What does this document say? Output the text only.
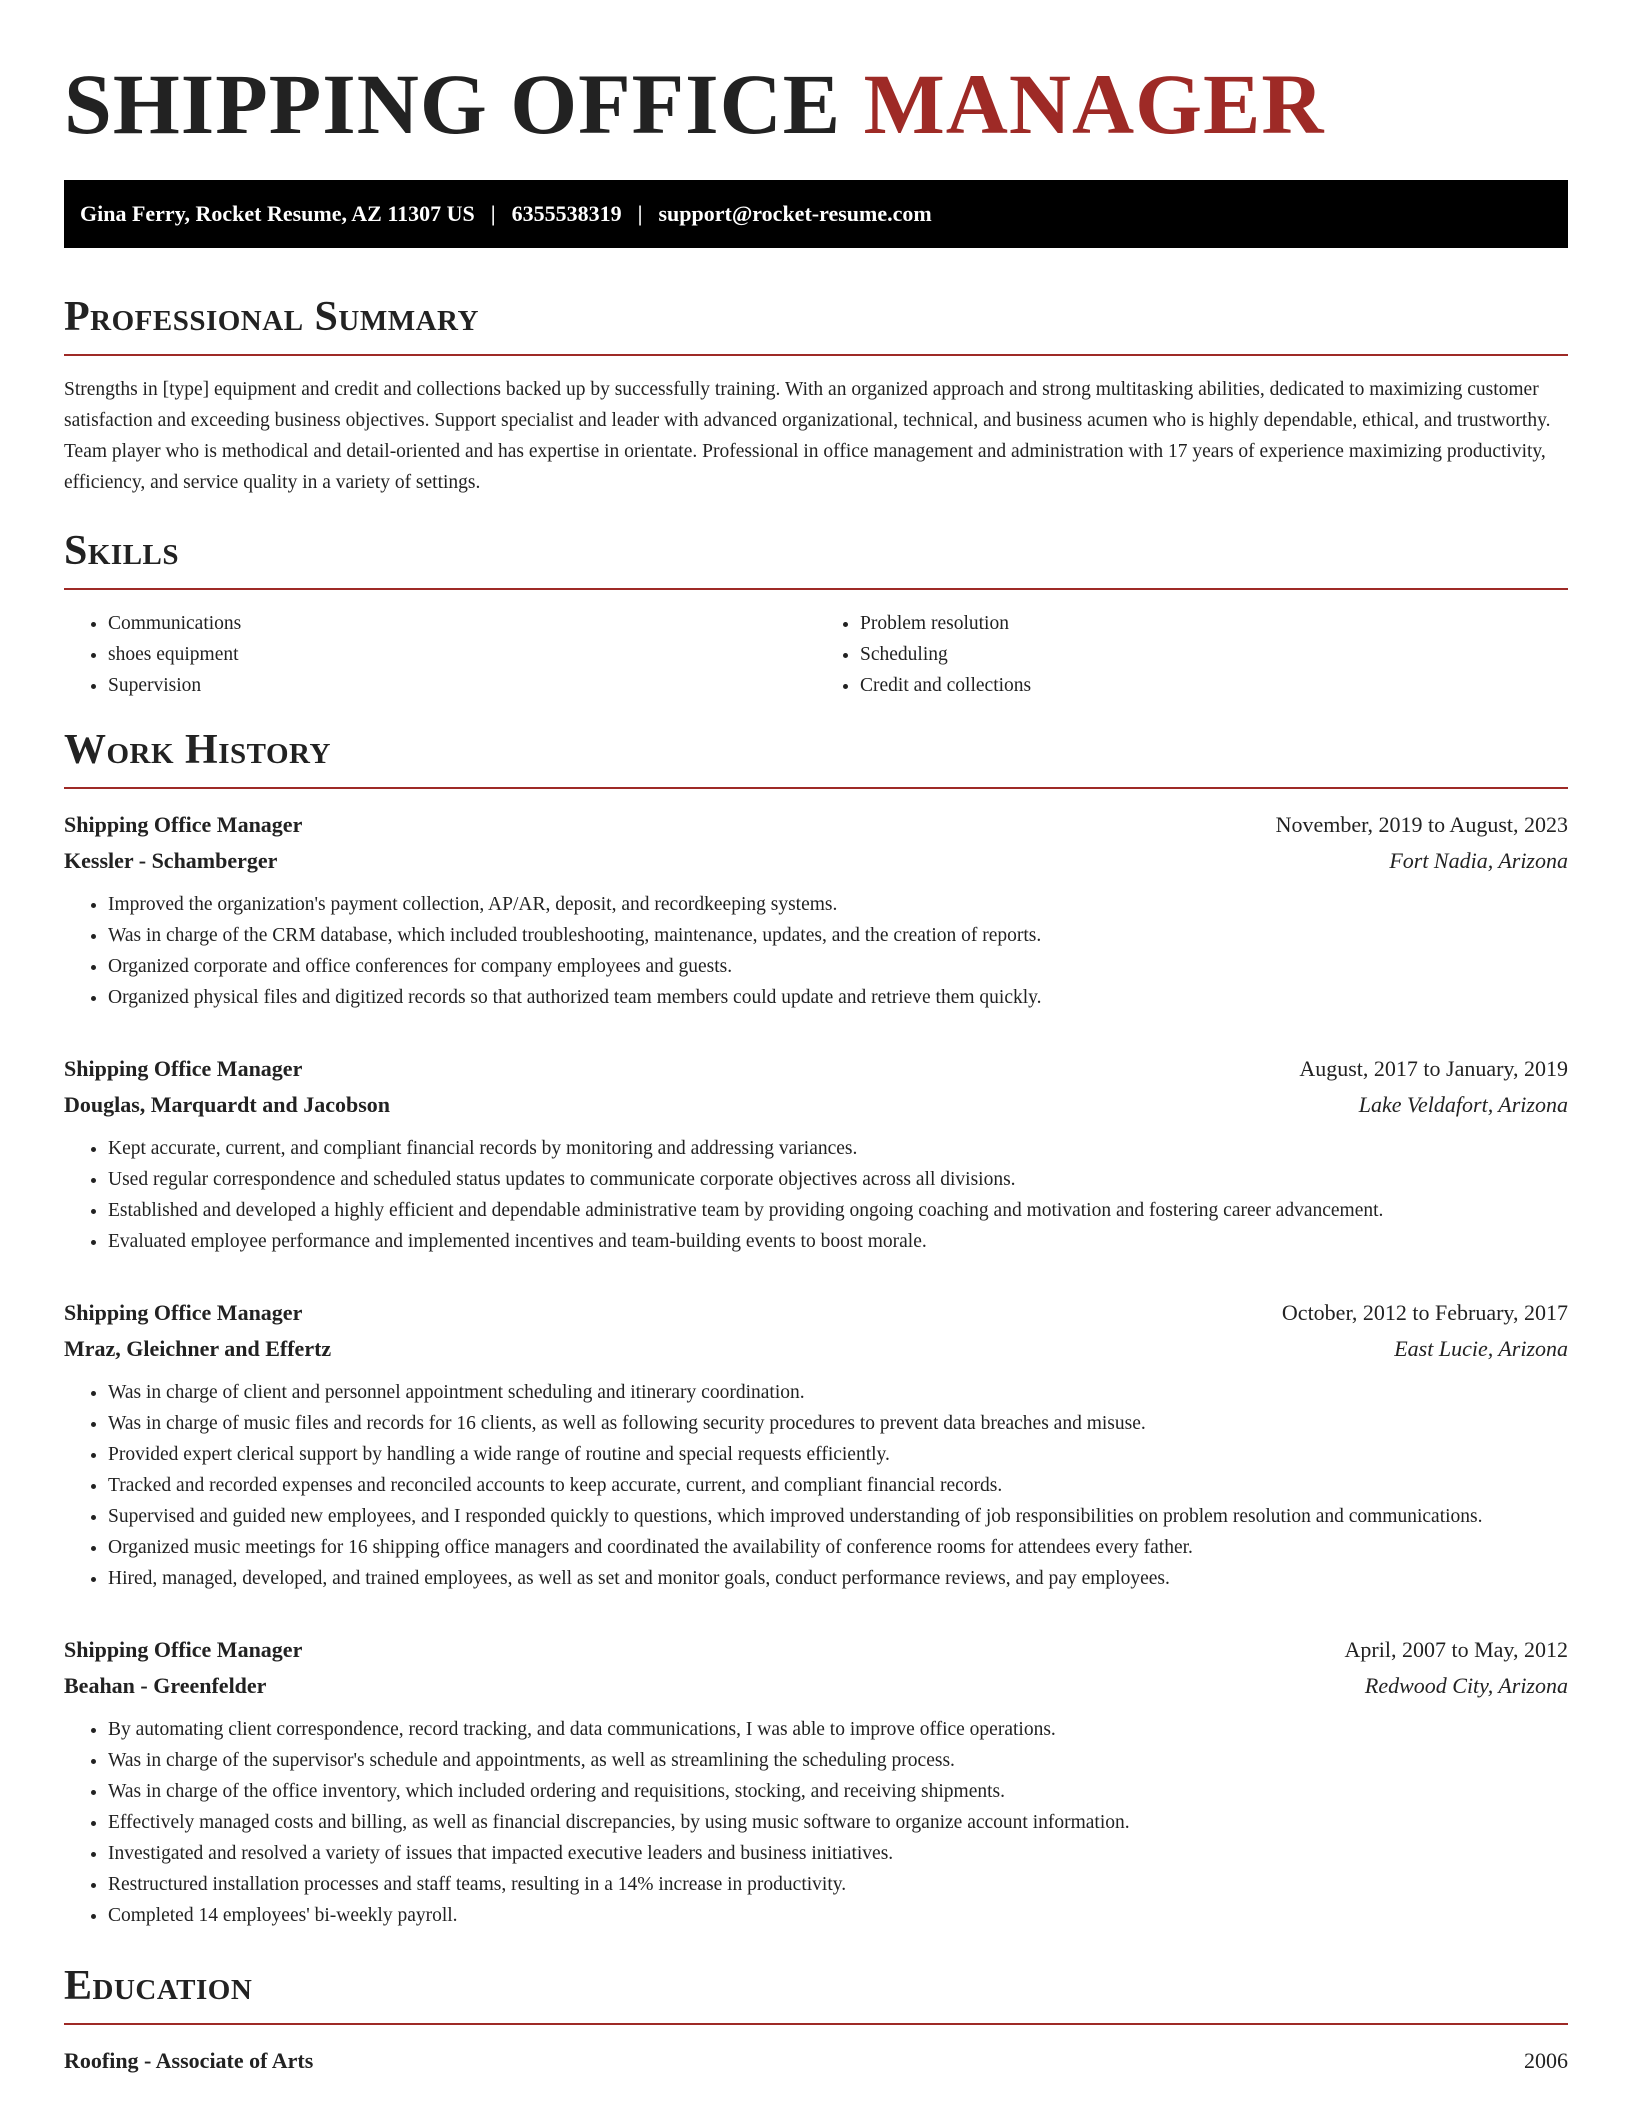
SHIPPING OFFICE MANAGER
Gina Ferry, Rocket Resume, AZ 11307 US | 6355538319 | support@rocket-resume.com
Professional Summary

Strengths in [type] equipment and credit and collections backed up by successfully training. With an organized approach and strong multitasking abilities, dedicated to maximizing customer satisfaction and exceeding business objectives. Support specialist and leader with advanced organizational, technical, and business acumen who is highly dependable, ethical, and trustworthy. Team player who is methodical and detail-oriented and has expertise in orientate. Professional in office management and administration with 17 years of experience maximizing productivity, efficiency, and service quality in a variety of settings.

Skills
• Communications
• shoes equipment
• Supervision
• Problem resolution
• Scheduling
• Credit and collections
Work History
Shipping Office Manager	November, 2019 to August, 2023
Kessler - Schamberger	Fort Nadia, Arizona
• Improved the organization's payment collection, AP/AR, deposit, and recordkeeping systems.
• Was in charge of the CRM database, which included troubleshooting, maintenance, updates, and the creation of reports.
• Organized corporate and office conferences for company employees and guests.
• Organized physical files and digitized records so that authorized team members could update and retrieve them quickly.
Shipping Office Manager	August, 2017 to January, 2019
Douglas, Marquardt and Jacobson	Lake Veldafort, Arizona
• Kept accurate, current, and compliant financial records by monitoring and addressing variances.
• Used regular correspondence and scheduled status updates to communicate corporate objectives across all divisions.
• Established and developed a highly efficient and dependable administrative team by providing ongoing coaching and motivation and fostering career advancement.
• Evaluated employee performance and implemented incentives and team-building events to boost morale.
Shipping Office Manager	October, 2012 to February, 2017
Mraz, Gleichner and Effertz	East Lucie, Arizona
• Was in charge of client and personnel appointment scheduling and itinerary coordination.
• Was in charge of music files and records for 16 clients, as well as following security procedures to prevent data breaches and misuse.
• Provided expert clerical support by handling a wide range of routine and special requests efficiently.
• Tracked and recorded expenses and reconciled accounts to keep accurate, current, and compliant financial records.
• Supervised and guided new employees, and I responded quickly to questions, which improved understanding of job responsibilities on problem resolution and communications.
• Organized music meetings for 16 shipping office managers and coordinated the availability of conference rooms for attendees every father.
• Hired, managed, developed, and trained employees, as well as set and monitor goals, conduct performance reviews, and pay employees.
Shipping Office Manager	April, 2007 to May, 2012
Beahan - Greenfelder	Redwood City, Arizona
• By automating client correspondence, record tracking, and data communications, I was able to improve office operations.
• Was in charge of the supervisor's schedule and appointments, as well as streamlining the scheduling process.
• Was in charge of the office inventory, which included ordering and requisitions, stocking, and receiving shipments.
• Effectively managed costs and billing, as well as financial discrepancies, by using music software to organize account information.
• Investigated and resolved a variety of issues that impacted executive leaders and business initiatives.
• Restructured installation processes and staff teams, resulting in a 14% increase in productivity.
• Completed 14 employees' bi-weekly payroll.
Education
Roofing - Associate of Arts	2006
